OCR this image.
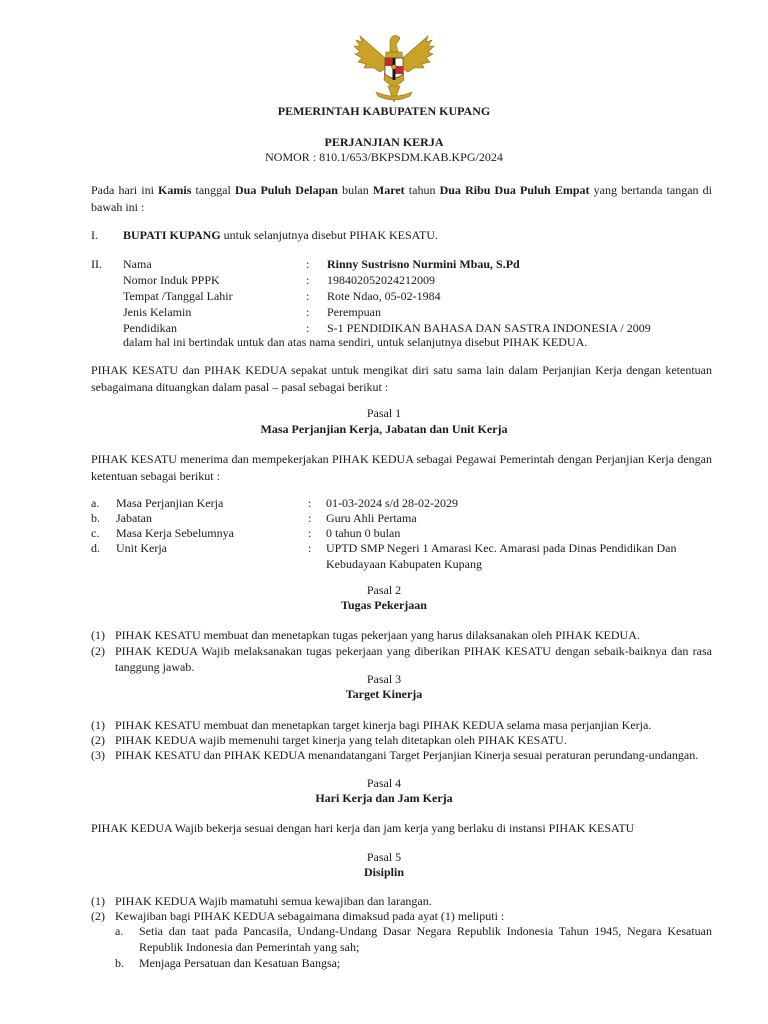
PEMERINTAH KABUPATEN KUPANG
PERJANJIAN KERJA
NOMOR : 810.1/653/BKPSDM.KAB.KPG/2024
Pada hari ini Kamis tanggal Dua Puluh Delapan bulan Maret tahun Dua Ribu Dua Puluh Empat yang bertanda tangan di bawah ini :
I. BUPATI KUPANG untuk selanjutnya disebut PIHAK KESATU.
II. Nama	: Rinny Sustrisno Nurmini Mbau, S.Pd
Nomor Induk PPPK	: 198402052024212009
Tempat /Tanggal Lahir	: Rote Ndao, 05-02-1984
Jenis Kelamin	: Perempuan
Pendidikan	: S-1 PENDIDIKAN BAHASA DAN SASTRA INDONESIA / 2009
dalam hal ini bertindak untuk dan atas nama sendiri, untuk selanjutnya disebut PIHAK KEDUA.
PIHAK KESATU dan PIHAK KEDUA sepakat untuk mengikat diri satu sama lain dalam Perjanjian Kerja dengan ketentuan sebagaimana dituangkan dalam pasal – pasal sebagai berikut :
Pasal 1
Masa Perjanjian Kerja, Jabatan dan Unit Kerja
PIHAK KESATU menerima dan mempekerjakan PIHAK KEDUA sebagai Pegawai Pemerintah dengan Perjanjian Kerja dengan ketentuan sebagai berikut :
a. Masa Perjanjian Kerja	: 01-03-2024 s/d 28-02-2029
b. Jabatan	: Guru Ahli Pertama
c. Masa Kerja Sebelumnya	: 0 tahun 0 bulan
d. Unit Kerja	: UPTD SMP Negeri 1 Amarasi Kec. Amarasi pada Dinas Pendidikan Dan Kebudayaan Kabupaten Kupang
Pasal 2
Tugas Pekerjaan
(1) PIHAK KESATU membuat dan menetapkan tugas pekerjaan yang harus dilaksanakan oleh PIHAK KEDUA.
(2) PIHAK KEDUA Wajib melaksanakan tugas pekerjaan yang diberikan PIHAK KESATU dengan sebaik-baiknya dan rasa tanggung jawab.
Pasal 3
Target Kinerja
(1) PIHAK KESATU membuat dan menetapkan target kinerja bagi PIHAK KEDUA selama masa perjanjian Kerja.
(2) PIHAK KEDUA wajib memenuhi target kinerja yang telah ditetapkan oleh PIHAK KESATU.
(3) PIHAK KESATU dan PIHAK KEDUA menandatangani Target Perjanjian Kinerja sesuai peraturan perundang-undangan.
Pasal 4
Hari Kerja dan Jam Kerja
PIHAK KEDUA Wajib bekerja sesuai dengan hari kerja dan jam kerja yang berlaku di instansi PIHAK KESATU
Pasal 5
Disiplin
(1) PIHAK KEDUA Wajib mamatuhi semua kewajiban dan larangan.
(2) Kewajiban bagi PIHAK KEDUA sebagaimana dimaksud pada ayat (1) meliputi :
a. Setia dan taat pada Pancasila, Undang-Undang Dasar Negara Republik Indonesia Tahun 1945, Negara Kesatuan Republik Indonesia dan Pemerintah yang sah;
b. Menjaga Persatuan dan Kesatuan Bangsa;
